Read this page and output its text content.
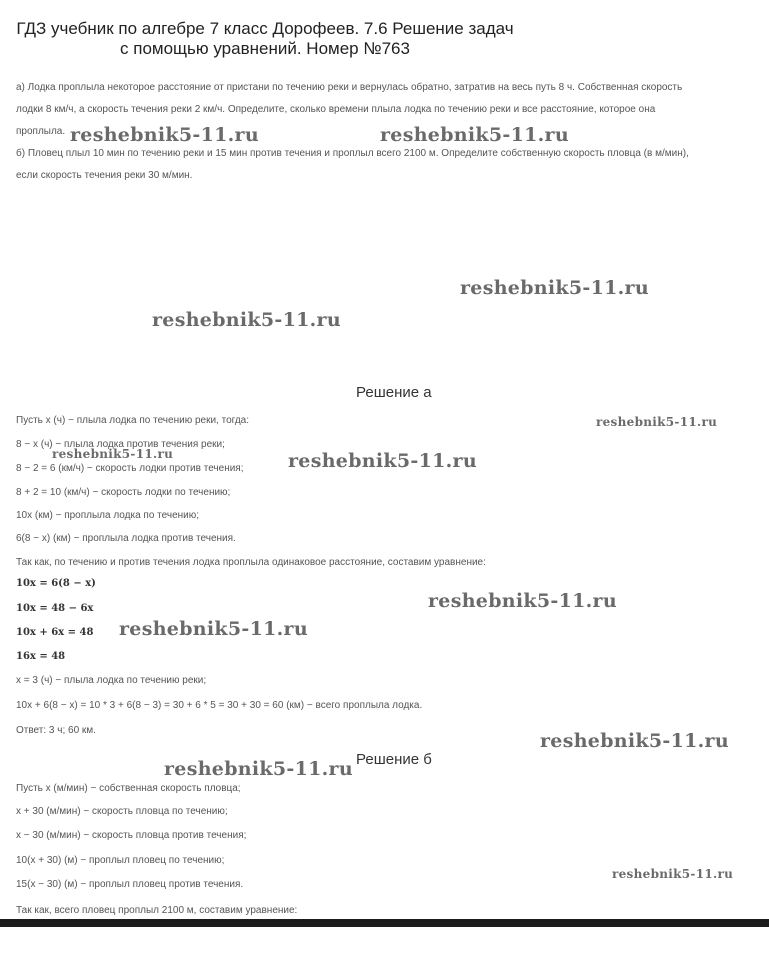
ГДЗ учебник по алгебре 7 класс Дорофеев. 7.6 Решение задач
с помощью уравнений. Номер №763
а) Лодка проплыла некоторое расстояние от пристани по течению реки и вернулась обратно, затратив на весь путь 8 ч. Собственная скорость
лодки 8 км/ч, а скорость течения реки 2 км/ч. Определите, сколько времени плыла лодка по течению реки и все расстояние, которое она
проплыла.
б) Пловец плыл 10 мин по течению реки и 15 мин против течения и проплыл всего 2100 м. Определите собственную скорость пловца (в м/мин),
если скорость течения реки 30 м/мин.
Решение а
Пусть x (ч) − плыла лодка по течению реки, тогда:
8 − x (ч) − плыла лодка против течения реки;
8 − 2 = 6 (км/ч) − скорость лодки против течения;
8 + 2 = 10 (км/ч) − скорость лодки по течению;
10x (км) − проплыла лодка по течению;
6(8 − x) (км) − проплыла лодка против течения.
Так как, по течению и против течения лодка проплыла одинаковое расстояние, составим уравнение:
10x = 6(8 − x)
10x = 48 − 6x
10x + 6x = 48
16x = 48
x = 3 (ч) − плыла лодка по течению реки;
10x + 6(8 − x) = 10 * 3 + 6(8 − 3) = 30 + 6 * 5 = 30 + 30 = 60 (км) − всего проплыла лодка.
Ответ: 3 ч; 60 км.
Решение б
Пусть x (м/мин) − собственная скорость пловца;
x + 30 (м/мин) − скорость пловца по течению;
x − 30 (м/мин) − скорость пловца против течения;
10(x + 30) (м) − проплыл пловец по течению;
15(x − 30) (м) − проплыл пловец против течения.
Так как, всего пловец проплыл 2100 м, составим уравнение:
reshebnik5-11.ru	reshebnik5-11.ru
reshebnik5-11.ru
reshebnik5-11.ru
reshebnik5-11.ru
reshebnik5-11.ru	reshebnik5-11.ru
reshebnik5-11.ru
reshebnik5-11.ru
reshebnik5-11.ru
reshebnik5-11.ru
reshebnik5-11.ru
